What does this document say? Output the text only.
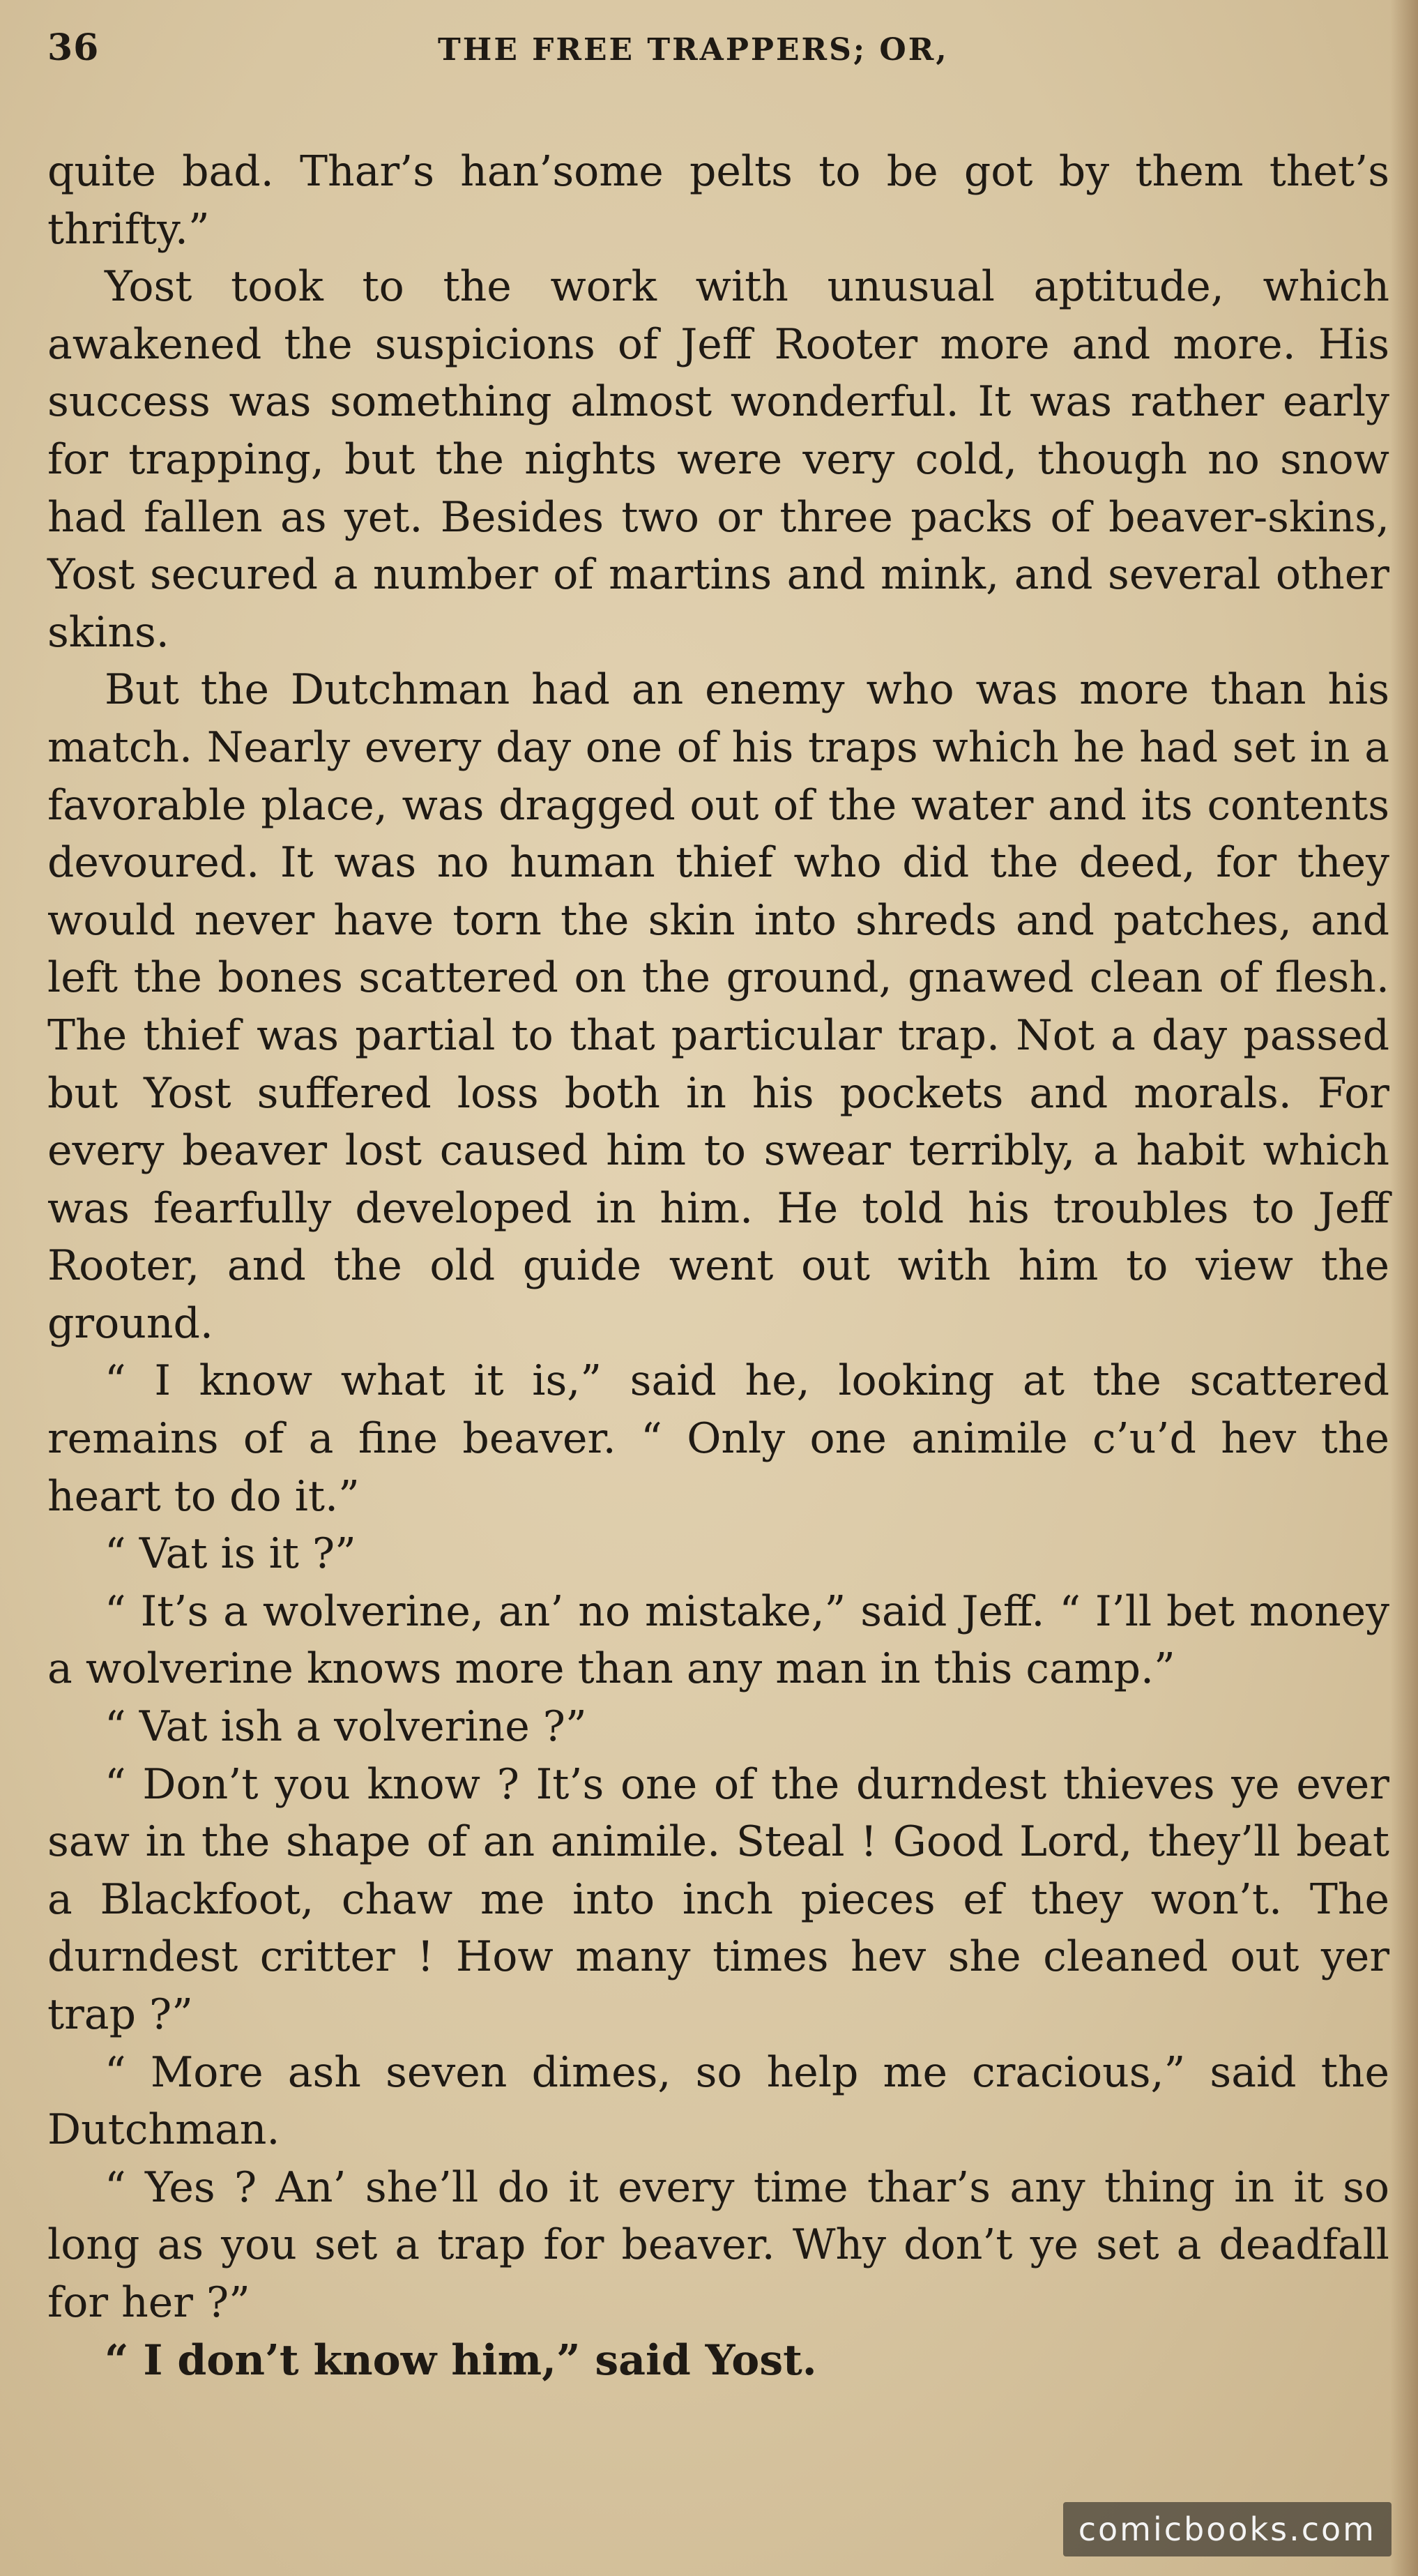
36	THE FREE TRAPPERS; OR,

quite bad. Thar’s han’some pelts to be got by them thet’s thrifty.”

Yost took to the work with unusual aptitude, which awakened the suspicions of Jeff Rooter more and more. His success was something almost wonderful. It was rather early for trapping, but the nights were very cold, though no snow had fallen as yet. Besides two or three packs of beaver-skins, Yost secured a number of martins and mink, and several other skins.

But the Dutchman had an enemy who was more than his match. Nearly every day one of his traps which he had set in a favorable place, was dragged out of the water and its contents devoured. It was no human thief who did the deed, for they would never have torn the skin into shreds and patches, and left the bones scattered on the ground, gnawed clean of flesh. The thief was partial to that particular trap. Not a day passed but Yost suffered loss both in his pockets and morals. For every beaver lost caused him to swear terribly, a habit which was fearfully developed in him. He told his troubles to Jeff Rooter, and the old guide went out with him to view the ground.

“ I know what it is,” said he, looking at the scattered remains of a fine beaver. “ Only one animile c’u’d hev the heart to do it.”

“ Vat is it ?”

“ It’s a wolverine, an’ no mistake,” said Jeff. “ I’ll bet money a wolverine knows more than any man in this camp.”

“ Vat ish a volverine ?”

“ Don’t you know ? It’s one of the durndest thieves ye ever saw in the shape of an animile. Steal ! Good Lord, they’ll beat a Blackfoot, chaw me into inch pieces ef they won’t. The durndest critter ! How many times hev she cleaned out yer trap ?”

“ More ash seven dimes, so help me cracious,” said the Dutchman.

“ Yes ? An’ she’ll do it every time thar’s any thing in it so long as you set a trap for beaver. Why don’t ye set a deadfall for her ?”

“ I don’t know him,” said Yost.

comicbooks.com
